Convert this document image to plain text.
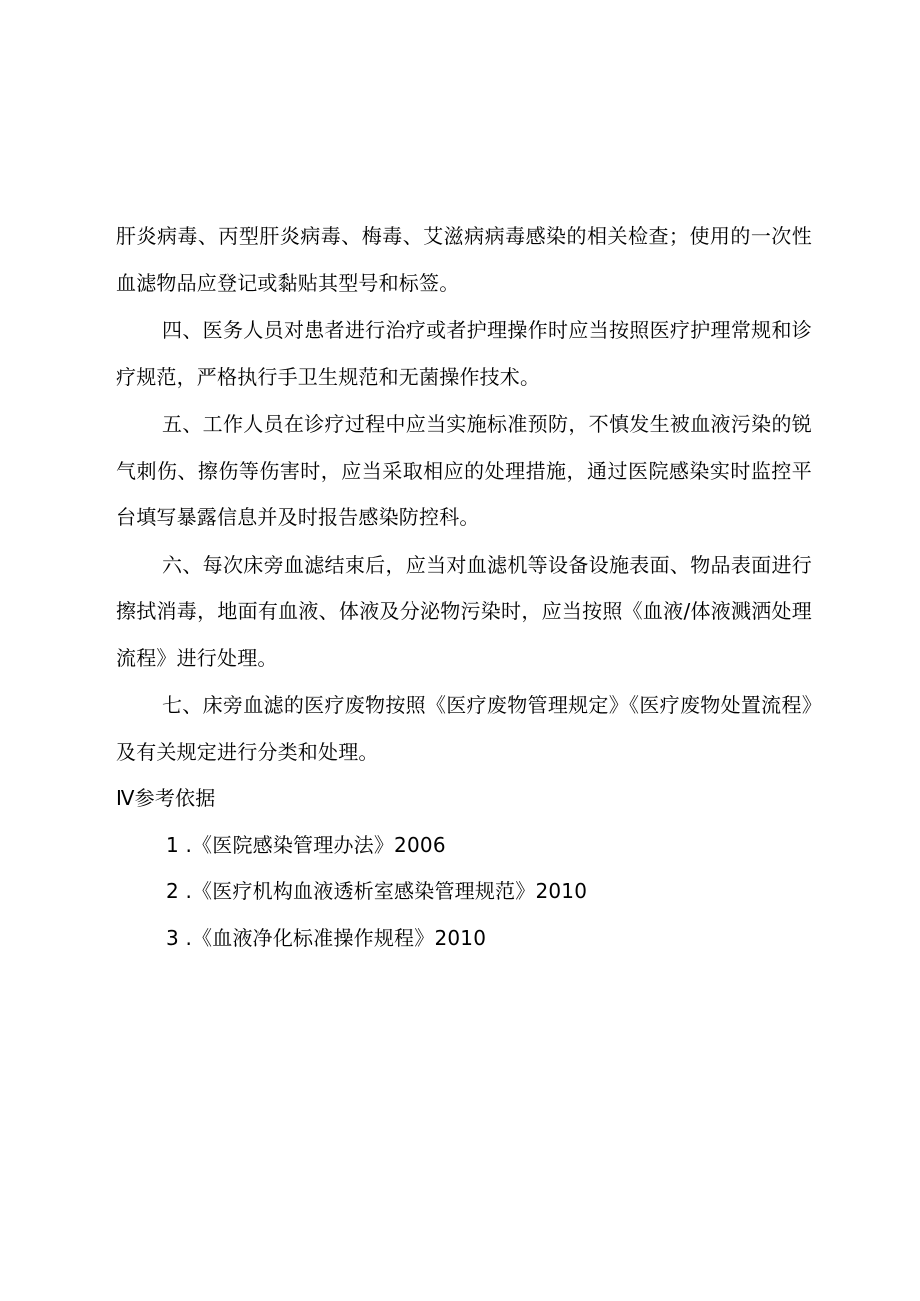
肝炎病毒、丙型肝炎病毒、梅毒、艾滋病病毒感染的相关检查；使用的一次性血滤物品应登记或黏贴其型号和标签。

四、医务人员对患者进行治疗或者护理操作时应当按照医疗护理常规和诊疗规范，严格执行手卫生规范和无菌操作技术。

五、工作人员在诊疗过程中应当实施标准预防，不慎发生被血液污染的锐气刺伤、擦伤等伤害时，应当采取相应的处理措施，通过医院感染实时监控平台填写暴露信息并及时报告感染防控科。

六、每次床旁血滤结束后，应当对血滤机等设备设施表面、物品表面进行擦拭消毒，地面有血液、体液及分泌物污染时，应当按照《血液/体液溅洒处理流程》进行处理。

七、床旁血滤的医疗废物按照《医疗废物管理规定》《医疗废物处置流程》及有关规定进行分类和处理。

Ⅳ参考依据

1 .《医院感染管理办法》2006

2 .《医疗机构血液透析室感染管理规范》2010

3 .《血液净化标准操作规程》2010
